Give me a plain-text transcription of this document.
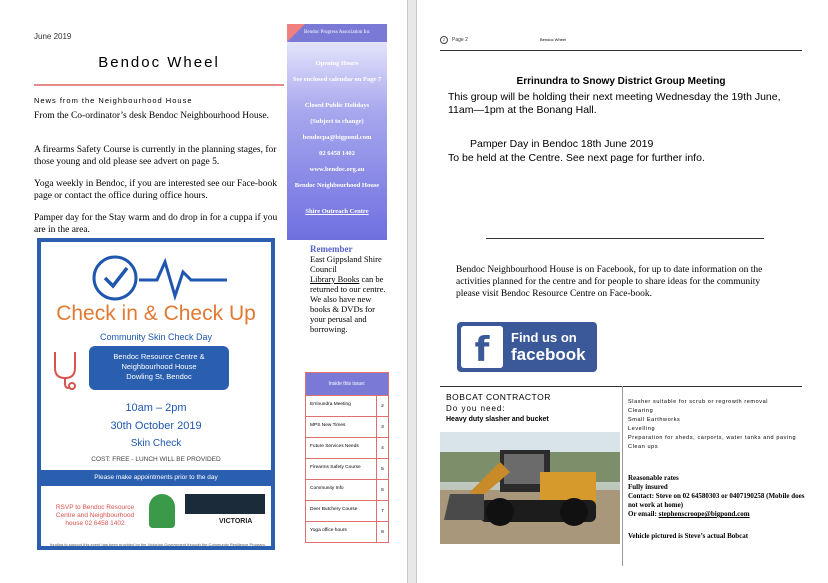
June 2019
Bendoc Wheel
News from the Neighbourhood House

From the Co-ordinator’s desk Bendoc Neighbourhood House.

A firearms Safety Course is currently in the planning stages, for those young and old please see advert on page 5.

Yoga weekly in Bendoc, if you are interested see our Face-book page or contact the office during office hours.

Pamper day for the Stay warm and do drop in for a cuppa if you are in the area.

Check in & Check Up
Community Skin Check Day
Bendoc Resource Centre &
Neighbourhood House
Dowling St, Bendoc
10am – 2pm
30th October 2019
Skin Check
COST: FREE - LUNCH WILL BE PROVIDED
Please make appointments prior to the day
RSVP to Bendoc Resource Centre and Neighbourhood house 02 6458 1402	VICTORIA
funding to support this event has been provided by the Victorian Government through the Community Resilience Program.
Bendoc Progress Association Inc
Opening Hours
See enclosed calendar on Page 7
Closed Public Holidays
(Subject to change)
bendocpa@bigpond.com
02 6458 1402
www.bendoc.org.au
Bendoc Neighbourhood House
Shire Outreach Centre
Remember
East Gippsland Shire Council
Library Books can be returned to our centre.
We also have new books & DVDs for your perusal and borrowing.
Inside this issue:
Errinundra Meeting	2
MPS New Times	3
Future Services Needs	4
Firearms Safety Course	5
Community Info	6
Deer Butchery Course	7
Yoga office hours	8
2 Page 2	Bendoc Wheel
Errinundra to Snowy District Group Meeting
This group will be holding their next meeting Wednesday the 19th June, 11am—1pm at the Bonang Hall.
Pamper Day in Bendoc 18th June 2019
To be held at the Centre. See next page for further info.
Bendoc Neighbourhood House is on Facebook, for up to date information on the activities planned for the centre and for people to share ideas for the community please visit Bendoc Resource Centre on Face-book.
f	Find us on
facebook
BOBCAT CONTRACTOR
Do you need:
Heavy duty slasher and bucket
Slasher suitable for scrub or regrowth removal
Clearing
Small Earthworks
Levelling
Preparation for sheds, carports, water tanks and paving
Clean ups
Reasonable rates
Fully insured
Contact: Steve on 02 64580303 or 0407190258 (Mobile does not work at home)
Or email: stephenscroope@bigpond.com
Vehicle pictured is Steve’s actual Bobcat
